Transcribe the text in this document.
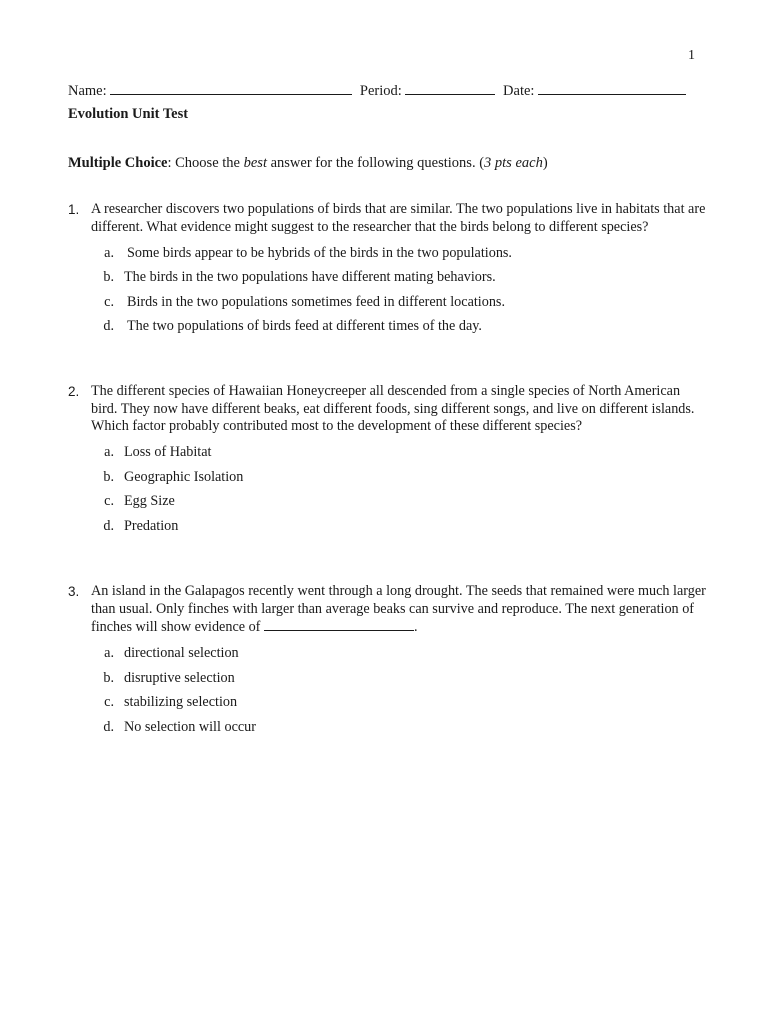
1
Name:	Period:	Date:
Evolution Unit Test
Multiple Choice: Choose the best answer for the following questions. (3 pts each)
1. A researcher discovers two populations of birds that are similar. The two populations live in habitats that are different. What evidence might suggest to the researcher that the birds belong to different species?
a. Some birds appear to be hybrids of the birds in the two populations.
b. The birds in the two populations have different mating behaviors.
c. Birds in the two populations sometimes feed in different locations.
d. The two populations of birds feed at different times of the day.
2. The different species of Hawaiian Honeycreeper all descended from a single species of North American bird. They now have different beaks, eat different foods, sing different songs, and live on different islands. Which factor probably contributed most to the development of these different species?
a. Loss of Habitat
b. Geographic Isolation
c. Egg Size
d. Predation
3. An island in the Galapagos recently went through a long drought. The seeds that remained were much larger than usual. Only finches with larger than average beaks can survive and reproduce. The next generation of finches will show evidence of	.
a. directional selection
b. disruptive selection
c. stabilizing selection
d. No selection will occur
